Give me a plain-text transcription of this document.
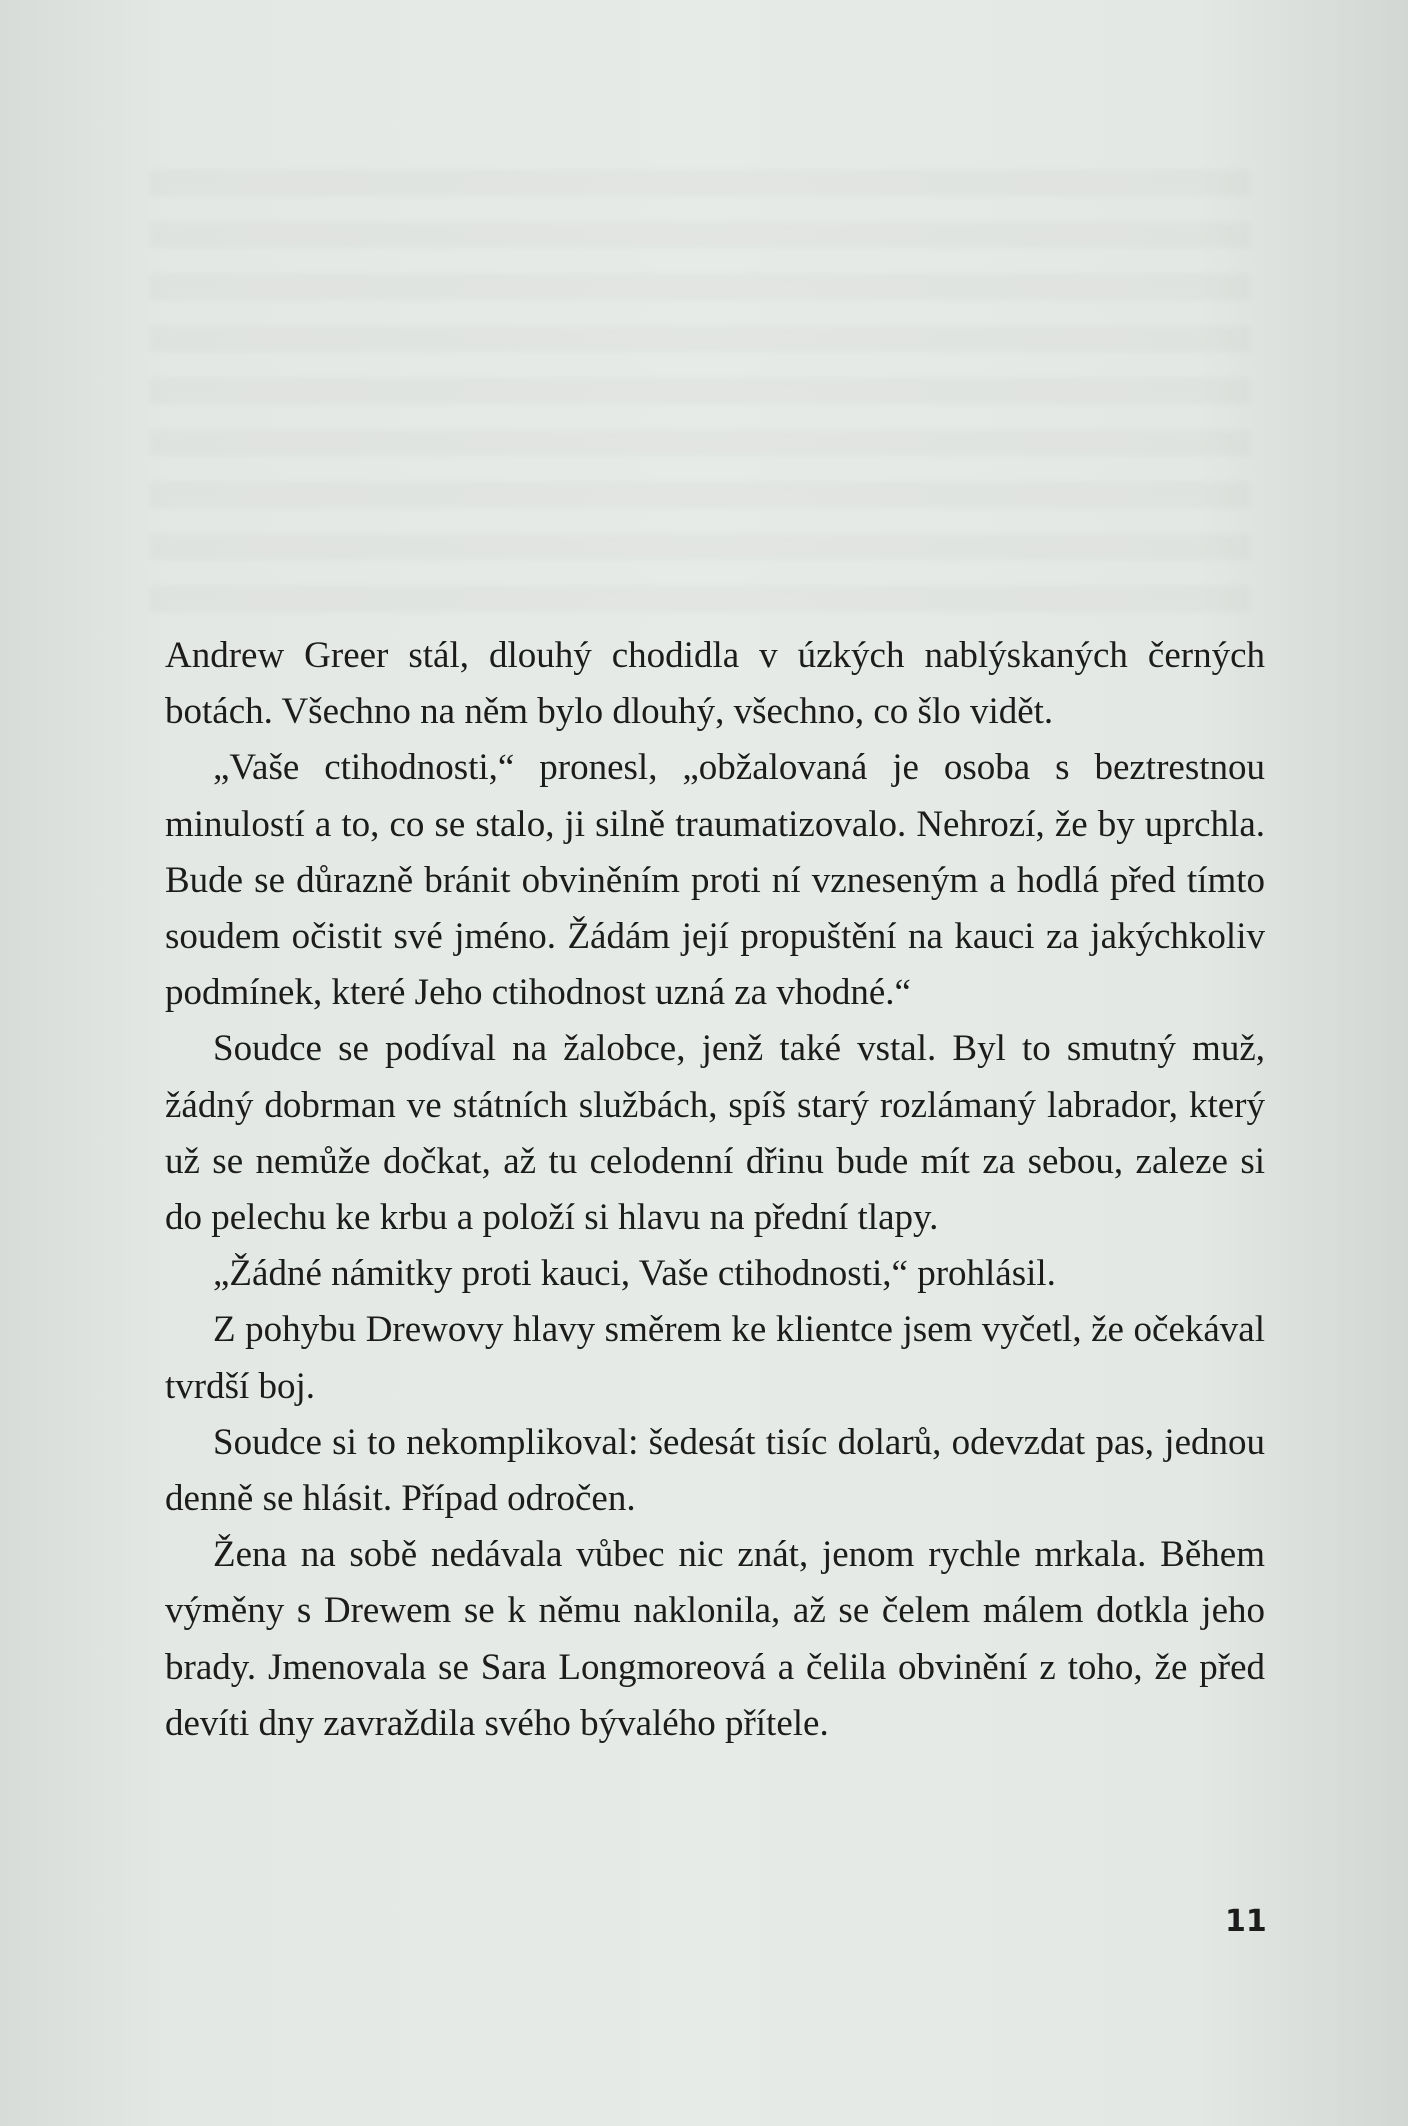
Andrew Greer stál, dlouhý chodidla v úzkých nablýskaných černých botách. Všechno na něm bylo dlouhý, všechno, co šlo vidět.

„Vaše ctihodnosti,“ pronesl, „obžalovaná je osoba s beztrestnou minulostí a to, co se stalo, ji silně traumatizovalo. Nehrozí, že by uprchla. Bude se důrazně bránit obviněním proti ní vzneseným a hodlá před tímto soudem očistit své jméno. Žádám její propuštění na kauci za jakýchkoliv podmínek, které Jeho ctihodnost uzná za vhodné.“

Soudce se podíval na žalobce, jenž také vstal. Byl to smutný muž, žádný dobrman ve státních službách, spíš starý rozlámaný labrador, který už se nemůže dočkat, až tu celodenní dřinu bude mít za sebou, zaleze si do pelechu ke krbu a položí si hlavu na přední tlapy.

„Žádné námitky proti kauci, Vaše ctihodnosti,“ prohlásil.

Z pohybu Drewovy hlavy směrem ke klientce jsem vyčetl, že očekával tvrdší boj.

Soudce si to nekomplikoval: šedesát tisíc dolarů, odevzdat pas, jednou denně se hlásit. Případ odročen.

Žena na sobě nedávala vůbec nic znát, jenom rychle mrkala. Během výměny s Drewem se k němu naklonila, až se čelem málem dotkla jeho brady. Jmenovala se Sara Longmoreová a čelila obvinění z toho, že před devíti dny zavraždila svého bývalého přítele.

11
